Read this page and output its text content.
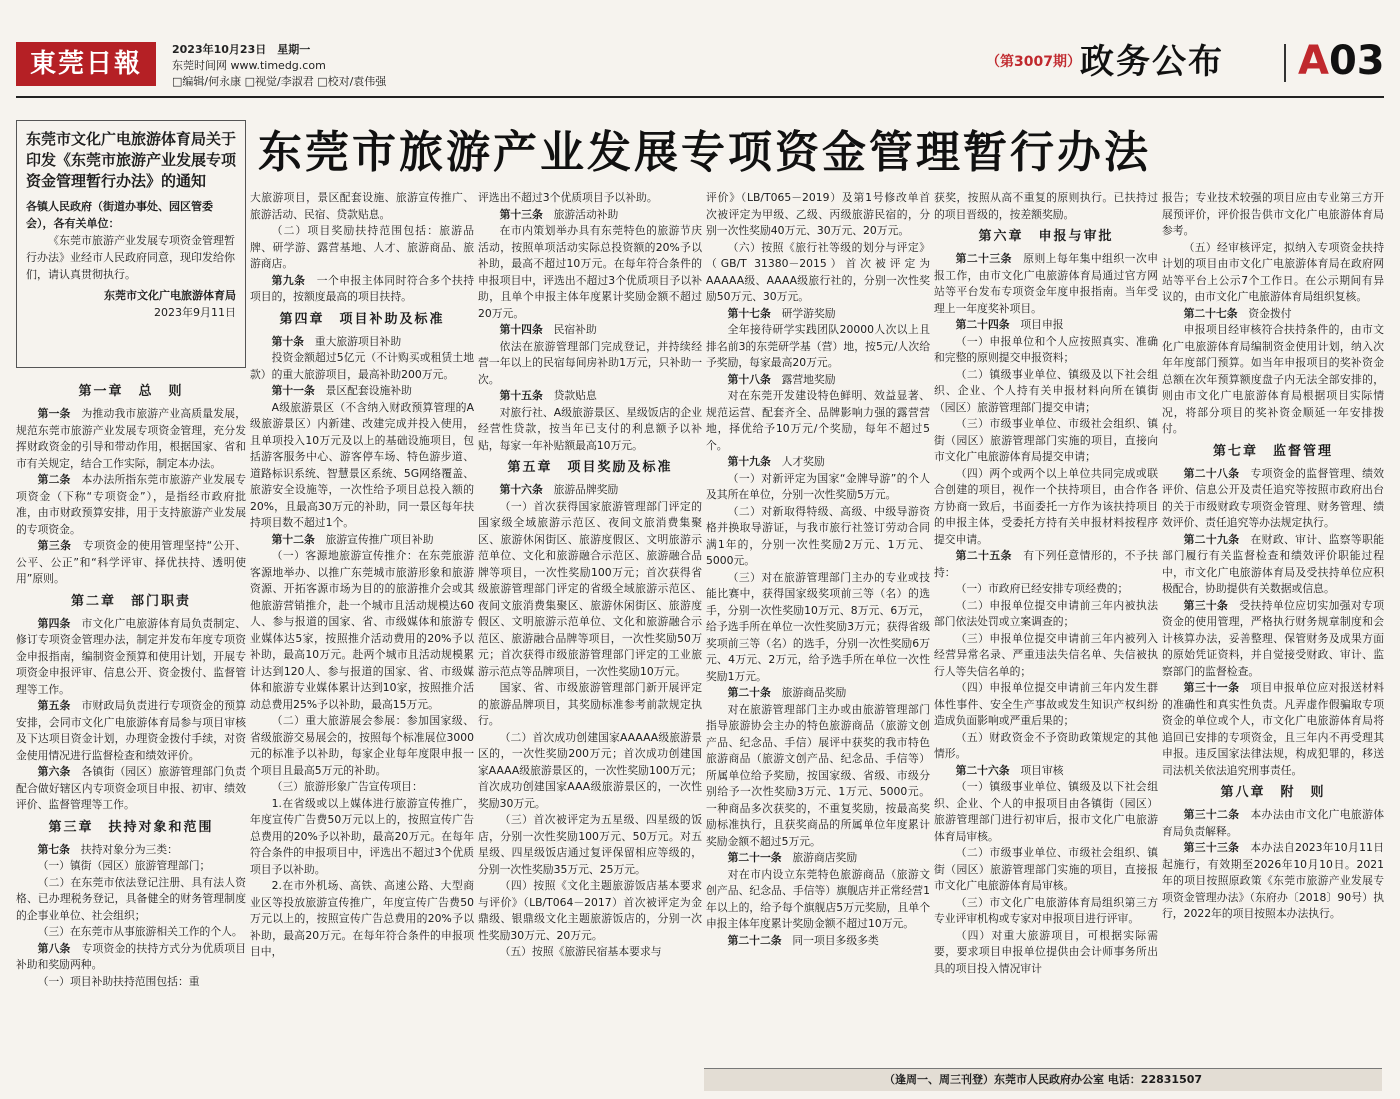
東莞日報	2023年10月23日　星期一
东莞时间网 www.timedg.com
□编辑/何永康 □视觉/李淑君 □校对/袁伟强
（第3007期） 政务公布 A03
东莞市旅游产业发展专项资金管理暂行办法
东莞市文化广电旅游体育局关于印发《东莞市旅游产业发展专项资金管理暂行办法》的通知
各镇人民政府（街道办事处、园区管委会），各有关单位：
《东莞市旅游产业发展专项资金管理暂行办法》业经市人民政府同意，现印发给你们，请认真贯彻执行。
东莞市文化广电旅游体育局
2023年9月11日
第一章　总　则

第一条　 为推动我市旅游产业高质量发展，规范东莞市旅游产业发展专项资金管理，充分发挥财政资金的引导和带动作用，根据国家、省和市有关规定，结合工作实际，制定本办法。

第二条　 本办法所指东莞市旅游产业发展专项资金（下称“专项资金”），是指经市政府批准，由市财政预算安排，用于支持旅游产业发展的专项资金。

第三条　 专项资金的使用管理坚持“公开、公平、公正”和“科学评审、择优扶持、透明使用”原则。

第二章　部门职责

第四条　 市文化广电旅游体育局负责制定、修订专项资金管理办法，制定并发布年度专项资金申报指南，编制资金预算和使用计划，开展专项资金申报评审、信息公开、资金拨付、监督管理等工作。

第五条　 市财政局负责进行专项资金的预算安排，会同市文化广电旅游体育局参与项目审核及下达项目资金计划，办理资金拨付手续，对资金使用情况进行监督检查和绩效评价。

第六条　 各镇街（园区）旅游管理部门负责配合做好辖区内专项资金项目申报、初审、绩效评价、监督管理等工作。

第三章　扶持对象和范围

第七条　 扶持对象分为三类：

（一）镇街（园区）旅游管理部门；

（二）在东莞市依法登记注册、具有法人资格、已办理税务登记，具备健全的财务管理制度的企事业单位、社会组织；

（三）在东莞市从事旅游相关工作的个人。

第八条　 专项资金的扶持方式分为优质项目补助和奖励两种。

（一）项目补助扶持范围包括：重

大旅游项目，景区配套设施、旅游宣传推广、旅游活动、民宿、贷款贴息。

（二）项目奖励扶持范围包括：旅游品牌、研学游、露营基地、人才、旅游商品、旅游商店。

第九条　 一个申报主体同时符合多个扶持项目的，按额度最高的项目扶持。

第四章　项目补助及标准

第十条　 重大旅游项目补助

投资金额超过5亿元（不计购买或租赁土地款）的重大旅游项目，最高补助200万元。

第十一条　 景区配套设施补助

A级旅游景区（不含纳入财政预算管理的A级旅游景区）内新建、改建完成并投入使用，且单项投入10万元及以上的基础设施项目，包括游客服务中心、游客停车场、特色游步道、道路标识系统、智慧景区系统、5G网络覆盖、旅游安全设施等，一次性给予项目总投入额的20%，且最高30万元的补助，同一景区每年扶持项目数不超过1个。

第十二条　 旅游宣传推广项目补助

（一）客源地旅游宣传推介：在东莞旅游客源地举办、以推广东莞城市旅游形象和旅游资源、开拓客源市场为目的的旅游推介会或其他旅游营销推介，赴一个城市且活动规模达60人、参与报道的国家、省、市级媒体和旅游专业媒体达5家，按照推介活动费用的20%予以补助，最高10万元。赴两个城市且活动规模累计达到120人、参与报道的国家、省、市级媒体和旅游专业媒体累计达到10家，按照推介活动总费用25%予以补助，最高15万元。

（二）重大旅游展会参展：参加国家级、省级旅游交易展会的，按照每个标准展位3000元的标准予以补助，每家企业每年度限申报一个项目且最高5万元的补助。

（三）旅游形象广告宣传项目：

1.在省级或以上媒体进行旅游宣传推广，年度宣传广告费50万元以上的，按照宣传广告总费用的20%予以补助，最高20万元。在每年符合条件的申报项目中，评选出不超过3个优质项目予以补助。

2.在市外机场、高铁、高速公路、大型商业区等投放旅游宣传推广，年度宣传广告费50万元以上的，按照宣传广告总费用的20%予以补助，最高20万元。在每年符合条件的申报项目中，

评选出不超过3个优质项目予以补助。

第十三条　 旅游活动补助

在市内策划举办具有东莞特色的旅游节庆活动，按照单项活动实际总投资额的20%予以补助，最高不超过10万元。在每年符合条件的申报项目中，评选出不超过3个优质项目予以补助，且单个申报主体年度累计奖励金额不超过20万元。

第十四条　 民宿补助

依法在旅游管理部门完成登记，并持续经营一年以上的民宿每间房补助1万元，只补助一次。

第十五条　 贷款贴息

对旅行社、A级旅游景区、星级饭店的企业经营性贷款，按当年已支付的利息额予以补贴，每家一年补贴额最高10万元。

第五章　项目奖励及标准

第十六条　 旅游品牌奖励

（一）首次获得国家旅游管理部门评定的国家级全域旅游示范区、夜间文旅消费集聚区、旅游休闲街区、旅游度假区、文明旅游示范单位、文化和旅游融合示范区、旅游融合品牌等项目，一次性奖励100万元；首次获得省级旅游管理部门评定的省级全域旅游示范区、夜间文旅消费集聚区、旅游休闲街区、旅游度假区、文明旅游示范单位、文化和旅游融合示范区、旅游融合品牌等项目，一次性奖励50万元；首次获得市级旅游管理部门评定的工业旅游示范点等品牌项目，一次性奖励10万元。

国家、省、市级旅游管理部门新开展评定的旅游品牌项目，其奖励标准参考前款规定执行。

（二）首次成功创建国家AAAAA级旅游景区的，一次性奖励200万元；首次成功创建国家AAAA级旅游景区的，一次性奖励100万元；首次成功创建国家AAA级旅游景区的，一次性奖励30万元。

（三）首次被评定为五星级、四星级的饭店，分别一次性奖励100万元、50万元。对五星级、四星级饭店通过复评保留相应等级的，分别一次性奖励35万元、25万元。

（四）按照《文化主题旅游饭店基本要求与评价》（LB/T064－2017）首次被评定为金鼎级、银鼎级文化主题旅游饭店的，分别一次性奖励30万元、20万元。

（五）按照《旅游民宿基本要求与

评价》（LB/T065－2019）及第1号修改单首次被评定为甲级、乙级、丙级旅游民宿的，分别一次性奖励40万元、30万元、20万元。

（六）按照《旅行社等级的划分与评定》（GB/T 31380－2015）首次被评定为AAAAA级、AAAA级旅行社的，分别一次性奖励50万元、30万元。

第十七条　 研学游奖励

全年接待研学实践团队20000人次以上且排名前3的东莞研学基（营）地，按5元/人次给予奖励，每家最高20万元。

第十八条　 露营地奖励

对在东莞开发建设特色鲜明、效益显著、规范运营、配套齐全、品牌影响力强的露营营地，择优给予10万元/个奖励，每年不超过5个。

第十九条　 人才奖励

（一）对新评定为国家“金牌导游”的个人及其所在单位，分别一次性奖励5万元。

（二）对新取得特级、高级、中级导游资格并换取导游证，与我市旅行社签订劳动合同满1年的，分别一次性奖励2万元、1万元、5000元。

（三）对在旅游管理部门主办的专业或技能比赛中，获得国家级奖项前三等（名）的选手，分别一次性奖励10万元、8万元、6万元，给予选手所在单位一次性奖励3万元；获得省级奖项前三等（名）的选手，分别一次性奖励6万元、4万元、2万元，给予选手所在单位一次性奖励1万元。

第二十条　 旅游商品奖励

对在旅游管理部门主办或由旅游管理部门指导旅游协会主办的特色旅游商品（旅游文创产品、纪念品、手信）展评中获奖的我市特色旅游商品（旅游文创产品、纪念品、手信等）所属单位给予奖励，按国家级、省级、市级分别给予一次性奖励3万元、1万元、5000元。一种商品多次获奖的，不重复奖励，按最高奖励标准执行，且获奖商品的所属单位年度累计奖励金额不超过5万元。

第二十一条　 旅游商店奖励

对在市内设立东莞特色旅游商品（旅游文创产品、纪念品、手信等）旗舰店并正常经营1年以上的，给予每个旗舰店5万元奖励，且单个申报主体年度累计奖励金额不超过10万元。

第二十二条　 同一项目多级多类

获奖，按照从高不重复的原则执行。已扶持过的项目晋级的，按差额奖励。

第六章　申报与审批

第二十三条　 原则上每年集中组织一次申报工作，由市文化广电旅游体育局通过官方网站等平台发布专项资金年度申报指南。当年受理上一年度奖补项目。

第二十四条　 项目申报

（一）申报单位和个人应按照真实、准确和完整的原则提交申报资料；

（二）镇级事业单位、镇级及以下社会组织、企业、个人持有关申报材料向所在镇街（园区）旅游管理部门提交申请；

（三）市级事业单位、市级社会组织、镇街（园区）旅游管理部门实施的项目，直接向市文化广电旅游体育局提交申请；

（四）两个或两个以上单位共同完成或联合创建的项目，视作一个扶持项目，由合作各方协商一致后，书面委托一方作为该扶持项目的申报主体，受委托方持有关申报材料按程序提交申请。

第二十五条　 有下列任意情形的，不予扶持：

（一）市政府已经安排专项经费的；

（二）申报单位提交申请前三年内被执法部门依法处罚或立案调查的；

（三）申报单位提交申请前三年内被列入经营异常名录、严重违法失信名单、失信被执行人等失信名单的；

（四）申报单位提交申请前三年内发生群体性事件、安全生产事故或发生知识产权纠纷造成负面影响或严重后果的；

（五）财政资金不予资助政策规定的其他情形。

第二十六条　 项目审核

（一）镇级事业单位、镇级及以下社会组织、企业、个人的申报项目由各镇街（园区）旅游管理部门进行初审后，报市文化广电旅游体育局审核。

（二）市级事业单位、市级社会组织、镇街（园区）旅游管理部门实施的项目，直接报市文化广电旅游体育局审核。

（三）市文化广电旅游体育局组织第三方专业评审机构或专家对申报项目进行评审。

（四）对重大旅游项目，可根据实际需要，要求项目申报单位提供由会计师事务所出具的项目投入情况审计

报告；专业技术较强的项目应由专业第三方开展预评价，评价报告供市文化广电旅游体育局参考。

（五）经审核评定，拟纳入专项资金扶持计划的项目由市文化广电旅游体育局在政府网站等平台上公示7个工作日。在公示期间有异议的，由市文化广电旅游体育局组织复核。

第二十七条　 资金拨付

申报项目经审核符合扶持条件的，由市文化广电旅游体育局编制资金使用计划，纳入次年年度部门预算。如当年申报项目的奖补资金总额在次年预算额度盘子内无法全部安排的，则由市文化广电旅游体育局根据项目实际情况，将部分项目的奖补资金顺延一年安排拨付。

第七章　监督管理

第二十八条　 专项资金的监督管理、绩效评价、信息公开及责任追究等按照市政府出台的关于市级财政专项资金管理、财务管理、绩效评价、责任追究等办法规定执行。

第二十九条　 在财政、审计、监察等职能部门履行有关监督检查和绩效评价职能过程中，市文化广电旅游体育局及受扶持单位应积极配合，协助提供有关数据或信息。

第三十条　 受扶持单位应切实加强对专项资金的使用管理，严格执行财务规章制度和会计核算办法，妥善整理、保管财务及成果方面的原始凭证资料，并自觉接受财政、审计、监察部门的监督检查。

第三十一条　 项目申报单位应对报送材料的准确性和真实性负责。凡弄虚作假骗取专项资金的单位或个人，市文化广电旅游体育局将追回已安排的专项资金，且三年内不再受理其申报。违反国家法律法规，构成犯罪的，移送司法机关依法追究刑事责任。

第八章　附　则

第三十二条　 本办法由市文化广电旅游体育局负责解释。

第三十三条　 本办法自2023年10月11日起施行，有效期至2026年10月10日。2021年的项目按照原政策《东莞市旅游产业发展专项资金管理办法》（东府办〔2018〕90号）执行，2022年的项目按照本办法执行。

（逢周一、周三刊登）东莞市人民政府办公室 电话：22831507
